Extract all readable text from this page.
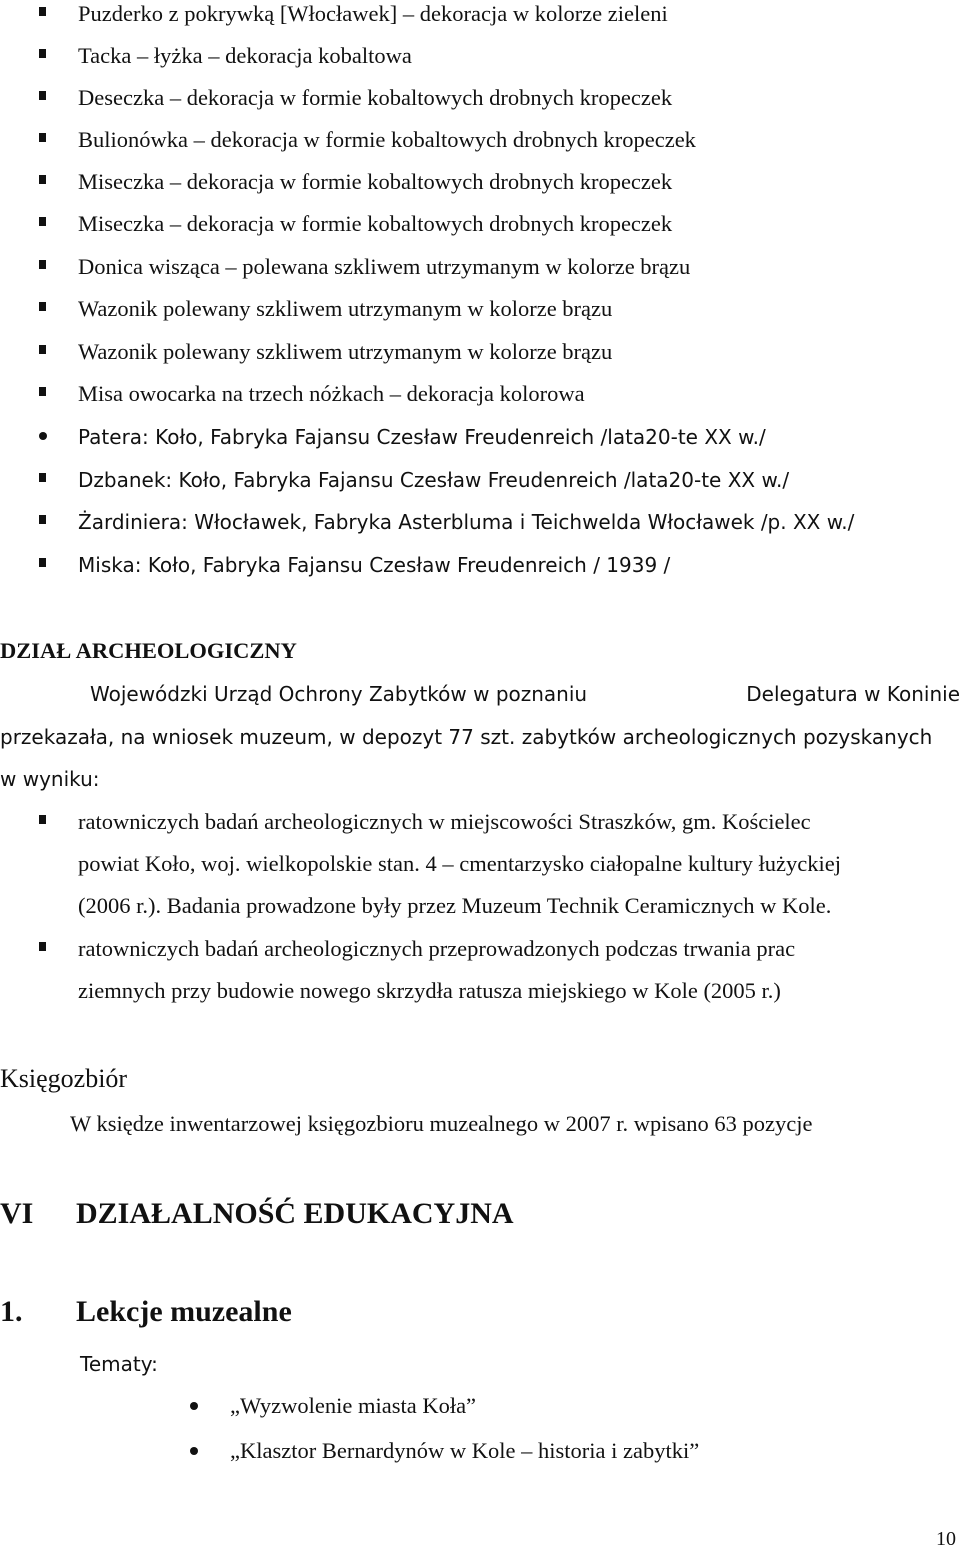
Puzderko z pokrywką [Włocławek] – dekoracja w kolorze zieleni
Tacka – łyżka – dekoracja kobaltowa
Deseczka – dekoracja w formie kobaltowych drobnych kropeczek
Bulionówka – dekoracja w formie kobaltowych drobnych kropeczek
Miseczka – dekoracja w formie kobaltowych drobnych kropeczek
Miseczka – dekoracja w formie kobaltowych drobnych kropeczek
Donica wisząca – polewana szkliwem utrzymanym w kolorze brązu
Wazonik polewany szkliwem utrzymanym w kolorze brązu
Wazonik polewany szkliwem utrzymanym w kolorze brązu
Misa owocarka na trzech nóżkach – dekoracja kolorowa
Patera: Koło, Fabryka Fajansu Czesław Freudenreich /lata20-te XX w./
Dzbanek: Koło, Fabryka Fajansu Czesław Freudenreich /lata20-te XX w./
Żardiniera: Włocławek, Fabryka Asterbluma i Teichwelda Włocławek /p. XX w./
Miska: Koło, Fabryka Fajansu Czesław Freudenreich / 1939 /
DZIAŁ ARCHEOLOGICZNY
Wojewódzki Urząd Ochrony Zabytków w poznaniu	Delegatura w Koninie
przekazała, na wniosek muzeum, w depozyt 77 szt. zabytków archeologicznych pozyskanych
w wyniku:
ratowniczych badań archeologicznych w miejscowości Straszków, gm. Kościelec
powiat Koło, woj. wielkopolskie stan. 4 – cmentarzysko ciałopalne kultury łużyckiej
(2006 r.). Badania prowadzone były przez Muzeum Technik Ceramicznych w Kole.
ratowniczych badań archeologicznych przeprowadzonych podczas trwania prac
ziemnych przy budowie nowego skrzydła ratusza miejskiego w Kole (2005 r.)
Księgozbiór
W księdze inwentarzowej księgozbioru muzealnego w 2007 r. wpisano 63 pozycje
VI DZIAŁALNOŚĆ EDUKACYJNA
1. Lekcje muzealne
Tematy:
„Wyzwolenie miasta Koła”
„Klasztor Bernardynów w Kole – historia i zabytki”
10
